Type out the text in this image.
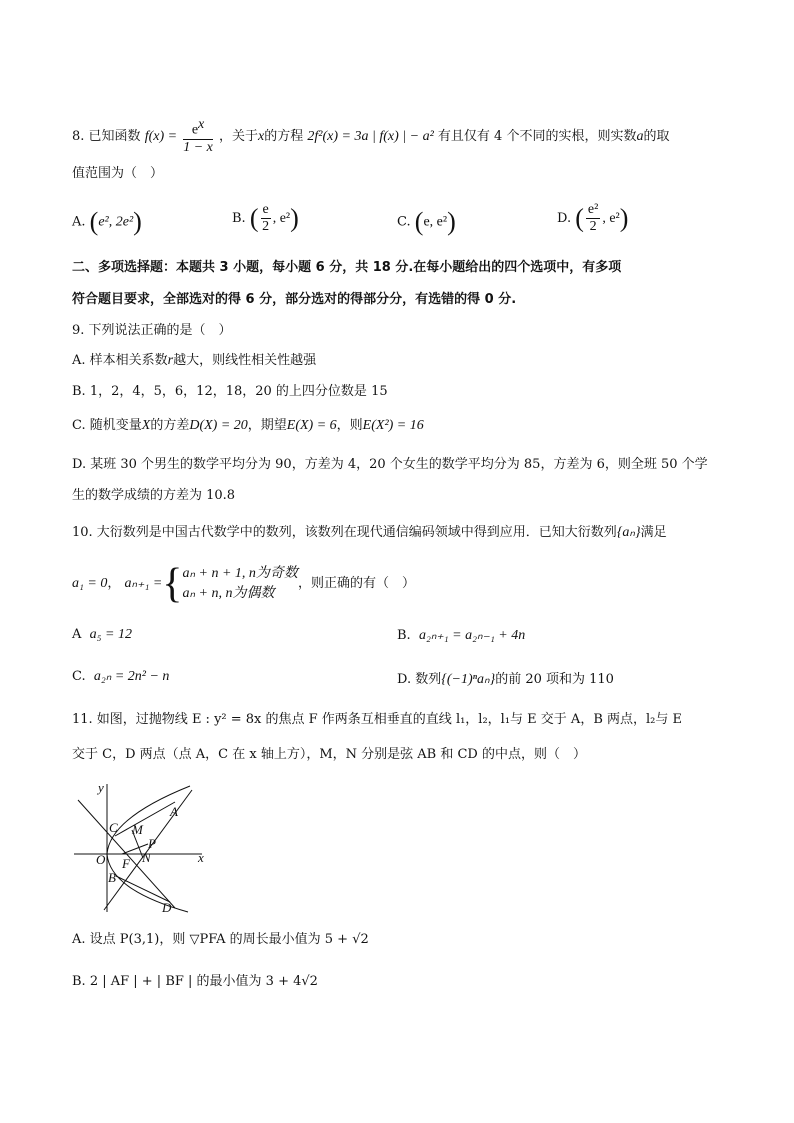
8. 已知函数 $f(x) = \frac{e^x}{1 - x}$ ，关于x的方程 2f²(x) = 3a | f(x) | − a² 有且仅有 4 个不同的实根，则实数a的取
值范围为（　）
A. (e², 2e²)	B. ( $\frac{e}{2}$ , e²)	C. (e, e²)	D. ( $\frac{\text{e²}}{2}$ , e²)
二、多项选择题：本题共 3 小题，每小题 6 分，共 18 分.在每小题给出的四个选项中，有多项
符合题目要求，全部选对的得 6 分，部分选对的得部分分，有选错的得 0 分.
9. 下列说法正确的是（　）
A. 样本相关系数r越大，则线性相关性越强
B. 1，2，4，5，6，12，18，20 的上四分位数是 15
C. 随机变量X的方差D(X) = 20，期望E(X) = 6，则E(X²) = 16
D. 某班 30 个男生的数学平均分为 90，方差为 4，20 个女生的数学平均分为 85，方差为 6，则全班 50 个学
生的数学成绩的方差为 10.8
10. 大衍数列是中国古代数学中的数列，该数列在现代通信编码领域中得到应用．已知大衍数列{aₙ}满足
a₁ = 0， aₙ₊₁ ={ aₙ + n + 1, n为奇数
aₙ + n, n为偶数
，则正确的有（　）
A a₅ = 12	B. a₂ₙ₊₁ = a₂ₙ₋₁ + 4n
C. a₂ₙ = 2n² − n	D. 数列{(−1)ⁿaₙ}的前 20 项和为 110
11. 如图，过抛物线 E : y² = 8x 的焦点 F 作两条互相垂直的直线 l₁，l₂，l₁与 E 交于 A，B 两点，l₂与 E
交于 C，D 两点（点 A，C 在 x 轴上方），M，N 分别是弦 AB 和 CD 的中点，则（　）
y
x
A
C M
P
O F N
B
D
A. 设点 P(3,1)，则 ▽PFA 的周长最小值为 5 + √2
B. 2 | AF | + | BF | 的最小值为 3 + 4√2
